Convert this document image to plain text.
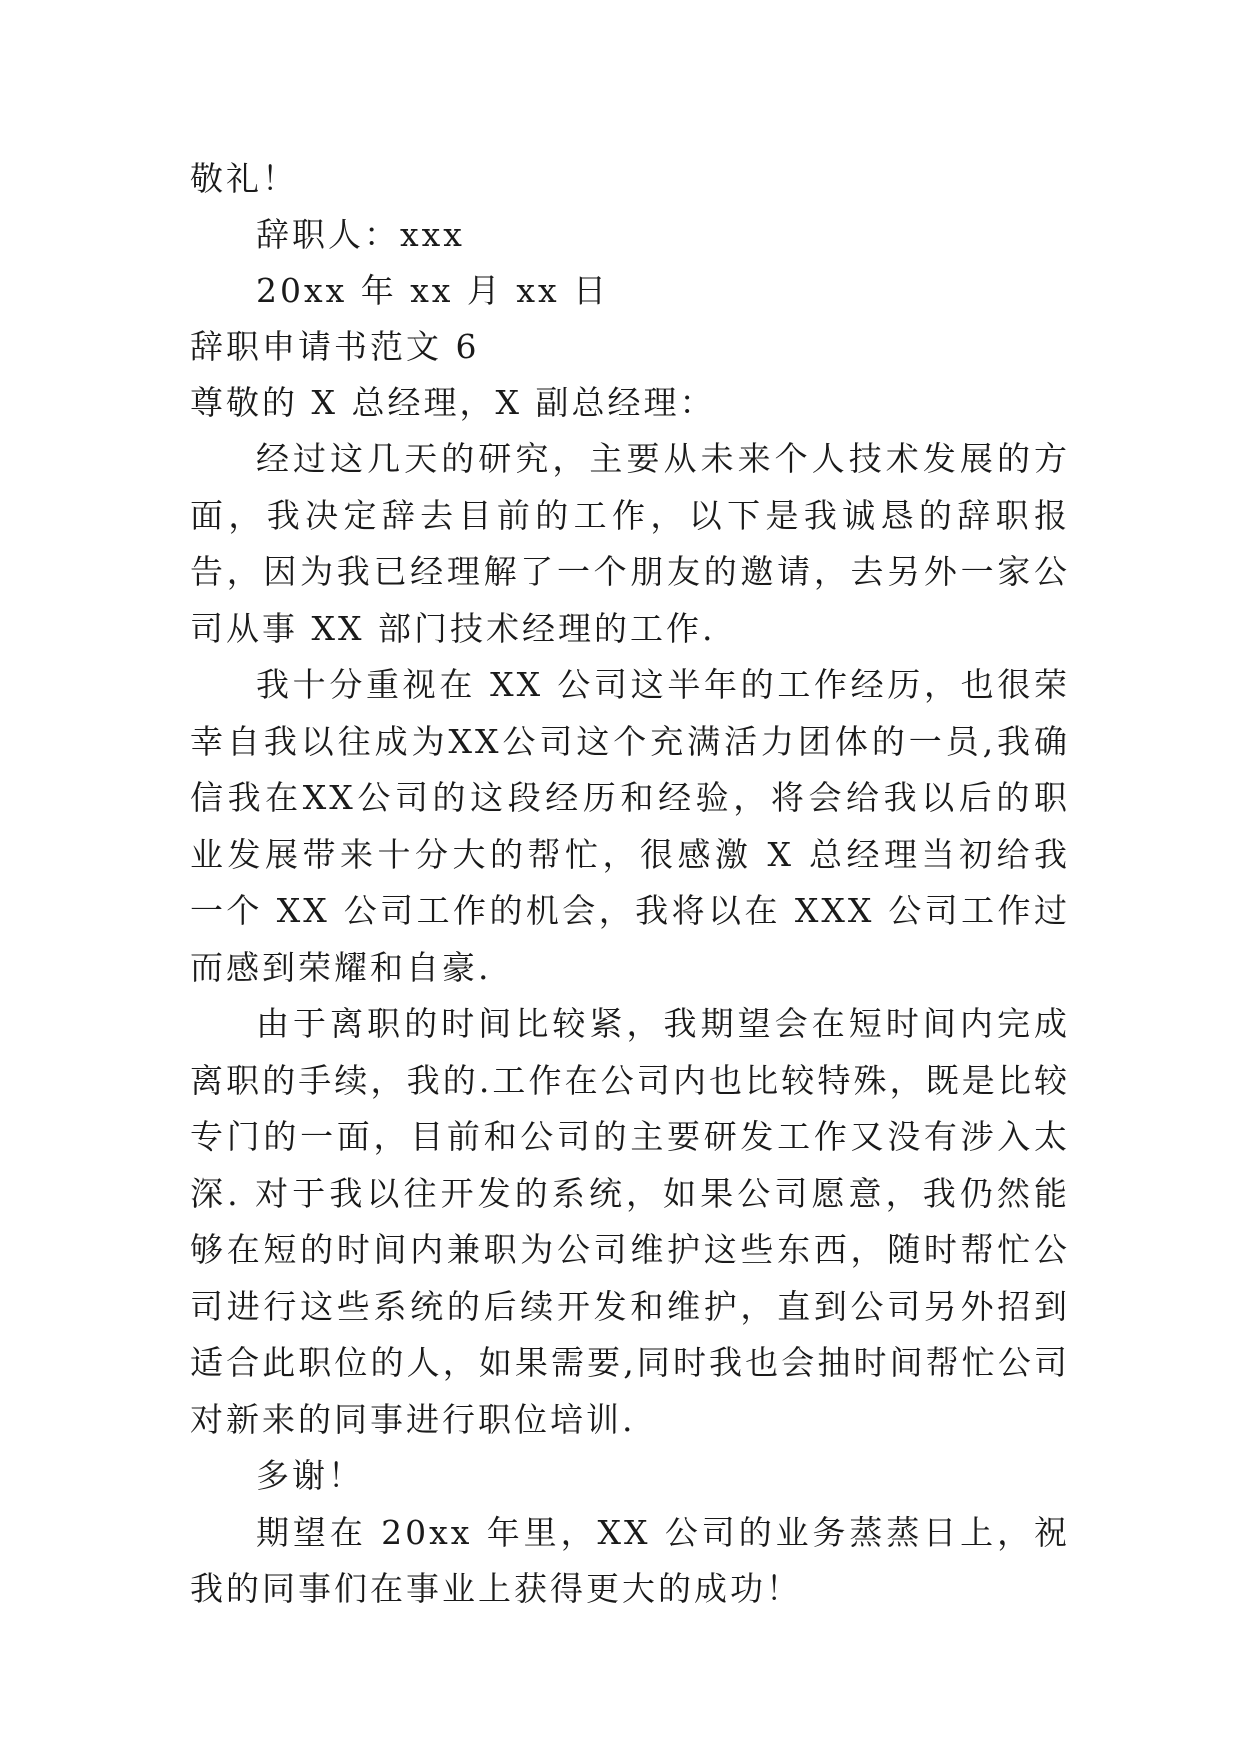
敬礼！
辞职人：xxx
20xx 年 xx 月 xx 日
辞职申请书范文 6
尊敬的 X 总经理，X 副总经理：
经过这几天的研究，主要从未来个人技术发展的方面，我决定辞去目前的工作，以下是我诚恳的辞职报告，因为我已经理解了一个朋友的邀请，去另外一家公司从事 XX 部门技术经理的工作.
我十分重视在 XX 公司这半年的工作经历，也很荣幸自我以往成为XX公司这个充满活力团体的一员,我确信我在XX公司的这段经历和经验，将会给我以后的职业发展带来十分大的帮忙，很感激 X 总经理当初给我一个 XX 公司工作的机会，我将以在 XXX 公司工作过而感到荣耀和自豪.
由于离职的时间比较紧，我期望会在短时间内完成离职的手续，我的.工作在公司内也比较特殊，既是比较专门的一面，目前和公司的主要研发工作又没有涉入太深. 对于我以往开发的系统，如果公司愿意，我仍然能够在短的时间内兼职为公司维护这些东西，随时帮忙公司进行这些系统的后续开发和维护，直到公司另外招到适合此职位的人，如果需要,同时我也会抽时间帮忙公司对新来的同事进行职位培训.
多谢！
期望在 20xx 年里，XX 公司的业务蒸蒸日上，祝我的同事们在事业上获得更大的成功！
